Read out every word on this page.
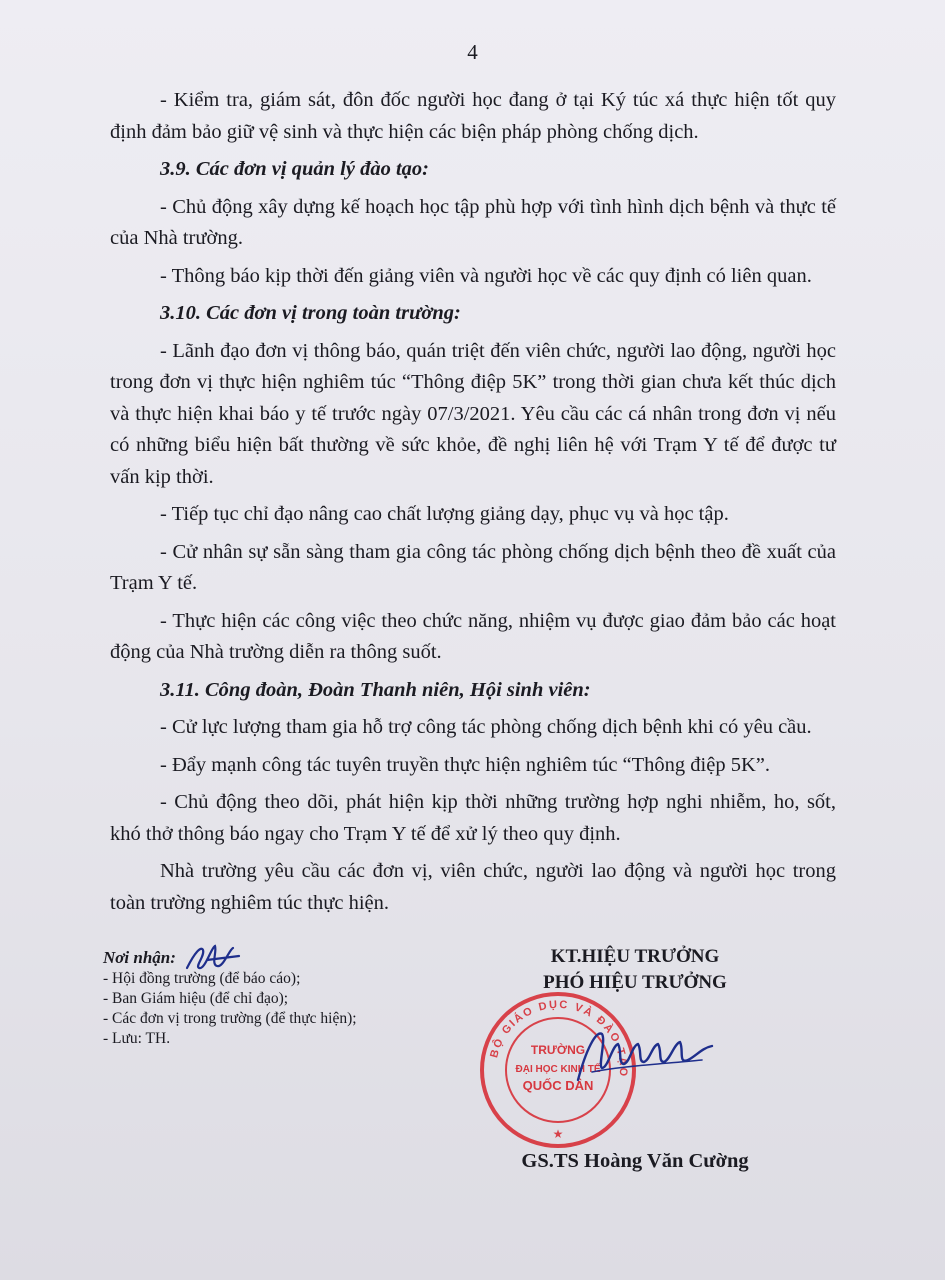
4

- Kiểm tra, giám sát, đôn đốc người học đang ở tại Ký túc xá thực hiện tốt quy định đảm bảo giữ vệ sinh và thực hiện các biện pháp phòng chống dịch.

3.9. Các đơn vị quản lý đào tạo:

- Chủ động xây dựng kế hoạch học tập phù hợp với tình hình dịch bệnh và thực tế của Nhà trường.

- Thông báo kịp thời đến giảng viên và người học về các quy định có liên quan.

3.10. Các đơn vị trong toàn trường:

- Lãnh đạo đơn vị thông báo, quán triệt đến viên chức, người lao động, người học trong đơn vị thực hiện nghiêm túc “Thông điệp 5K” trong thời gian chưa kết thúc dịch và thực hiện khai báo y tế trước ngày 07/3/2021. Yêu cầu các cá nhân trong đơn vị nếu có những biểu hiện bất thường về sức khỏe, đề nghị liên hệ với Trạm Y tế để được tư vấn kịp thời.

- Tiếp tục chỉ đạo nâng cao chất lượng giảng dạy, phục vụ và học tập.

- Cử nhân sự sẵn sàng tham gia công tác phòng chống dịch bệnh theo đề xuất của Trạm Y tế.

- Thực hiện các công việc theo chức năng, nhiệm vụ được giao đảm bảo các hoạt động của Nhà trường diễn ra thông suốt.

3.11. Công đoàn, Đoàn Thanh niên, Hội sinh viên:

- Cử lực lượng tham gia hỗ trợ công tác phòng chống dịch bệnh khi có yêu cầu.

- Đẩy mạnh công tác tuyên truyền thực hiện nghiêm túc “Thông điệp 5K”.

- Chủ động theo dõi, phát hiện kịp thời những trường hợp nghi nhiễm, ho, sốt, khó thở thông báo ngay cho Trạm Y tế để xử lý theo quy định.

Nhà trường yêu cầu các đơn vị, viên chức, người lao động và người học trong toàn trường nghiêm túc thực hiện.

Nơi nhận:
- Hội đồng trường (để báo cáo);
- Ban Giám hiệu (để chỉ đạo);
- Các đơn vị trong trường (để thực hiện);
- Lưu: TH.
KT.HIỆU TRƯỞNG
PHÓ HIỆU TRƯỞNG
GS.TS Hoàng Văn Cường
BỘ GIÁO DỤC VÀ ĐÀO TẠO
TRƯỜNG
ĐẠI HỌC KINH TẾ
QUỐC DÂN
★
